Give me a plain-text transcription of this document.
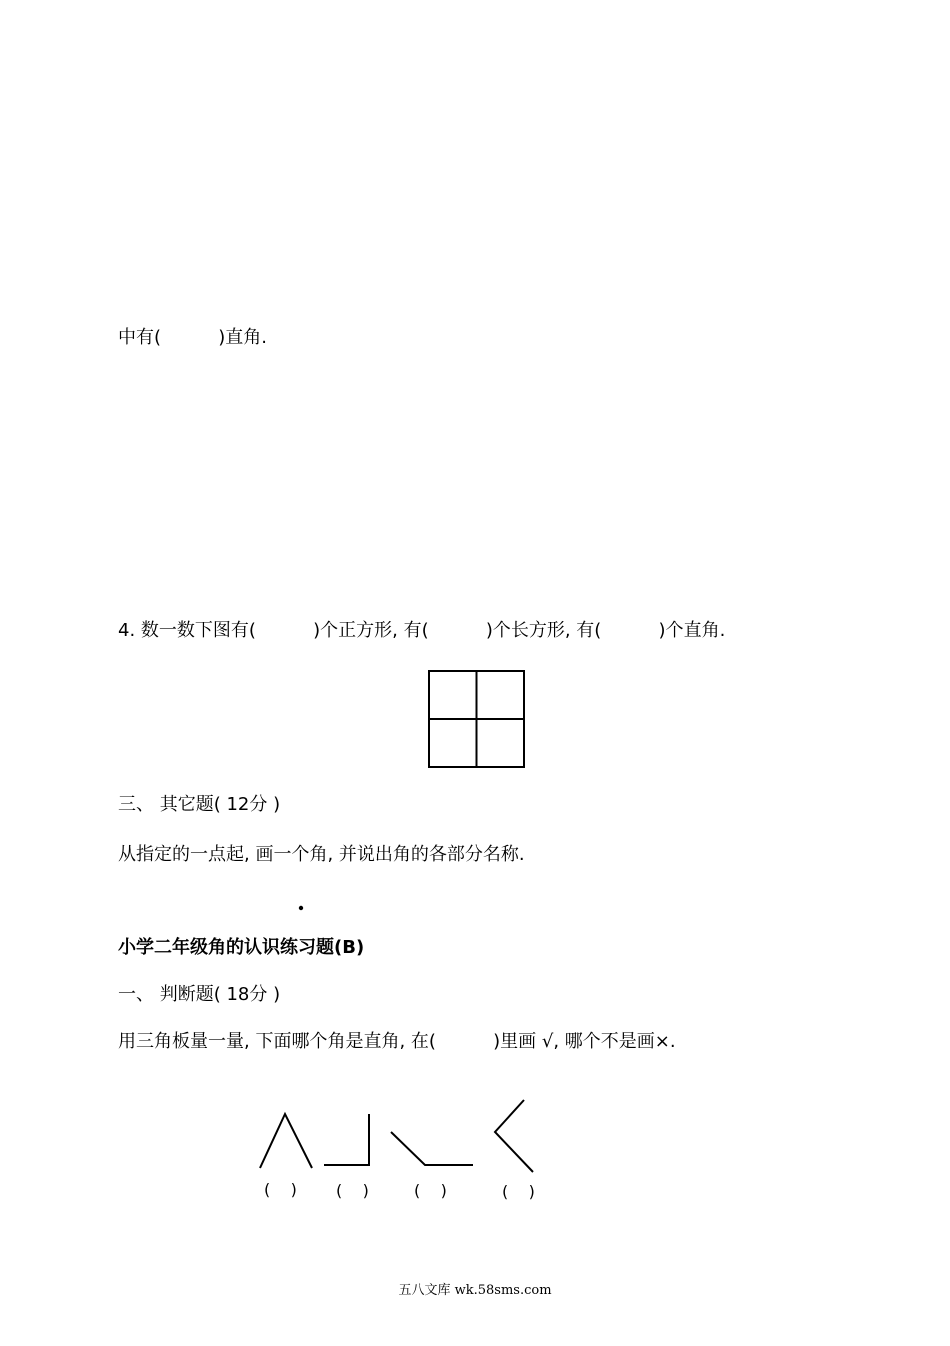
中有(          )直角.
4. 数一数下图有(          )个正方形, 有(          )个长方形, 有(          )个直角.
三、 其它题( 12分 )
从指定的一点起, 画一个角, 并说出角的各部分名称.
小学二年级角的认识练习题(B)
一、 判断题( 18分 )
用三角板量一量, 下面哪个角是直角, 在(          )里画 √, 哪个不是画×.
(    ) (    )	(    )	(    )
五八文库 wk.58sms.com
